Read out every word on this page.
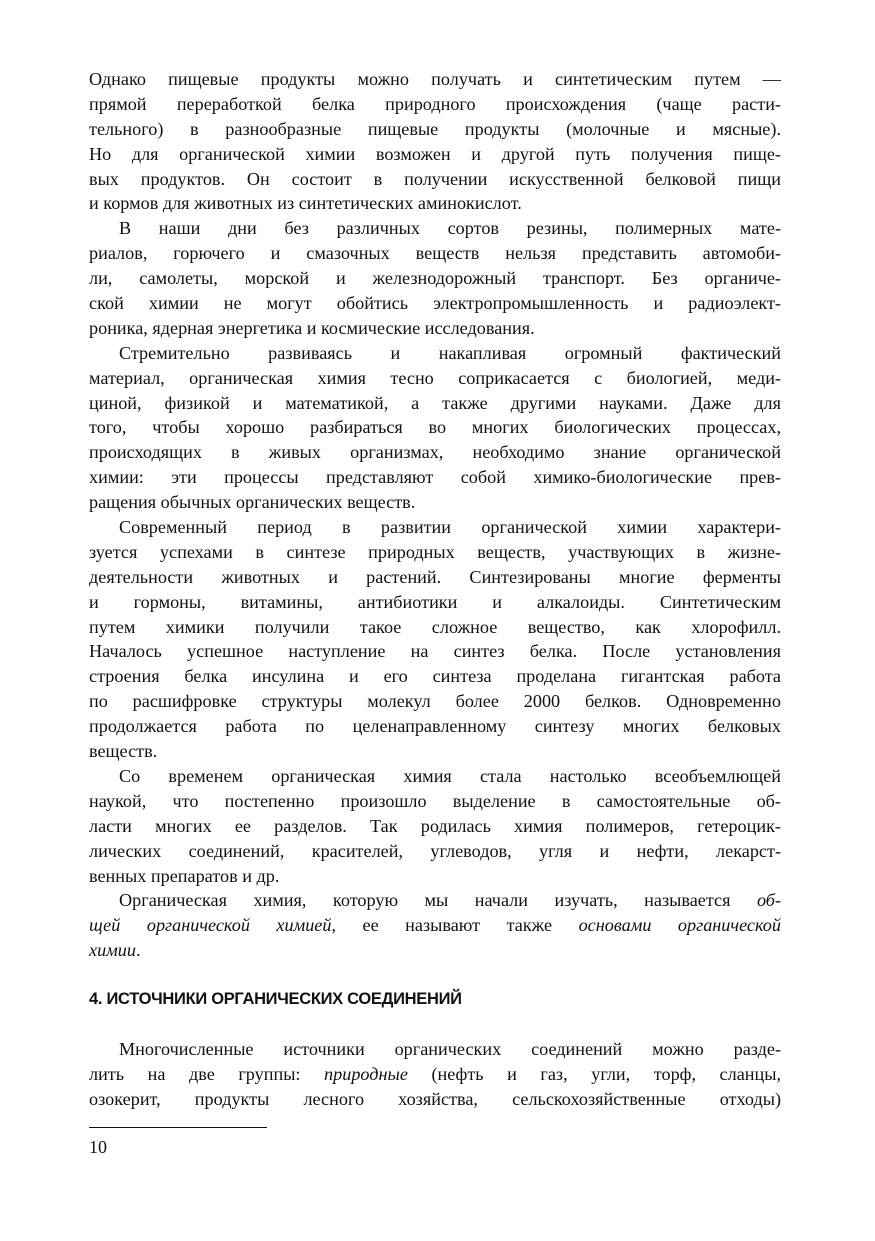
Однако пищевые продукты можно получать и синтетическим путем —
прямой переработкой белка природного происхождения (чаще расти-
тельного) в разнообразные пищевые продукты (молочные и мясные).
Но для органической химии возможен и другой путь получения пище-
вых продуктов. Он состоит в получении искусственной белковой пищи
и кормов для животных из синтетических аминокислот.
В наши дни без различных сортов резины, полимерных мате-
риалов, горючего и смазочных веществ нельзя представить автомоби-
ли, самолеты, морской и железнодорожный транспорт. Без органиче-
ской химии не могут обойтись электропромышленность и радиоэлект-
роника, ядерная энергетика и космические исследования.
Стремительно развиваясь и накапливая огромный фактический
материал, органическая химия тесно соприкасается с биологией, меди-
циной, физикой и математикой, а также другими науками. Даже для
того, чтобы хорошо разбираться во многих биологических процессах,
происходящих в живых организмах, необходимо знание органической
химии: эти процессы представляют собой химико-биологические прев-
ращения обычных органических веществ.
Современный период в развитии органической химии характери-
зуется успехами в синтезе природных веществ, участвующих в жизне-
деятельности животных и растений. Синтезированы многие ферменты
и гормоны, витамины, антибиотики и алкалоиды. Синтетическим
путем химики получили такое сложное вещество, как хлорофилл.
Началось успешное наступление на синтез белка. После установления
строения белка инсулина и его синтеза проделана гигантская работа
по расшифровке структуры молекул более 2000 белков. Одновременно
продолжается работа по целенаправленному синтезу многих белковых
веществ.
Со временем органическая химия стала настолько всеобъемлющей
наукой, что постепенно произошло выделение в самостоятельные об-
ласти многих ее разделов. Так родилась химия полимеров, гетероцик-
лических соединений, красителей, углеводов, угля и нефти, лекарст-
венных препаратов и др.
Органическая химия, которую мы начали изучать, называется об-
щей органической химией, ее называют также основами органической
химии.
4. ИСТОЧНИКИ ОРГАНИЧЕСКИХ СОЕДИНЕНИЙ
Многочисленные источники органических соединений можно разде-
лить на две группы: природные (нефть и газ, угли, торф, сланцы,
озокерит, продукты лесного хозяйства, сельскохозяйственные отходы)
10
